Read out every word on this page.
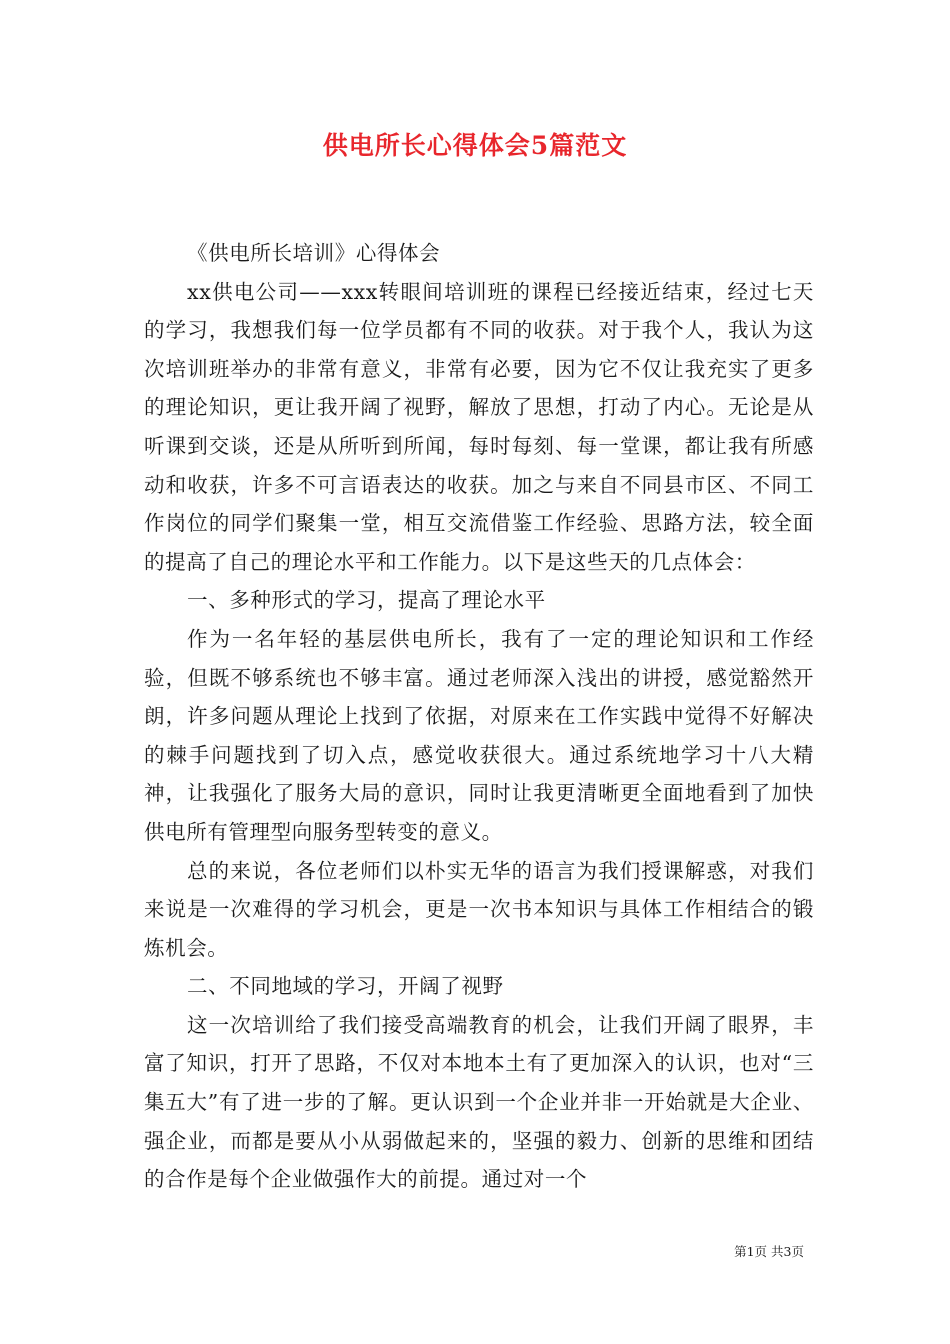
供电所长心得体会5篇范文

《供电所长培训》心得体会

xx供电公司——xxx转眼间培训班的课程已经接近结束，经过七天的学习，我想我们每一位学员都有不同的收获。对于我个人，我认为这次培训班举办的非常有意义，非常有必要，因为它不仅让我充实了更多的理论知识，更让我开阔了视野，解放了思想，打动了内心。无论是从听课到交谈，还是从所听到所闻，每时每刻、每一堂课，都让我有所感动和收获，许多不可言语表达的收获。加之与来自不同县市区、不同工作岗位的同学们聚集一堂，相互交流借鉴工作经验、思路方法，较全面的提高了自己的理论水平和工作能力。以下是这些天的几点体会：

一、多种形式的学习，提高了理论水平

作为一名年轻的基层供电所长，我有了一定的理论知识和工作经验，但既不够系统也不够丰富。通过老师深入浅出的讲授，感觉豁然开朗，许多问题从理论上找到了依据，对原来在工作实践中觉得不好解决的棘手问题找到了切入点，感觉收获很大。通过系统地学习十八大精神，让我强化了服务大局的意识，同时让我更清晰更全面地看到了加快供电所有管理型向服务型转变的意义。

总的来说，各位老师们以朴实无华的语言为我们授课解惑，对我们来说是一次难得的学习机会，更是一次书本知识与具体工作相结合的锻炼机会。

二、不同地域的学习，开阔了视野

这一次培训给了我们接受高端教育的机会，让我们开阔了眼界，丰富了知识，打开了思路，不仅对本地本土有了更加深入的认识，也对“三集五大”有了进一步的了解。更认识到一个企业并非一开始就是大企业、强企业，而都是要从小从弱做起来的，坚强的毅力、创新的思维和团结的合作是每个企业做强作大的前提。通过对一个

第1页 共3页
